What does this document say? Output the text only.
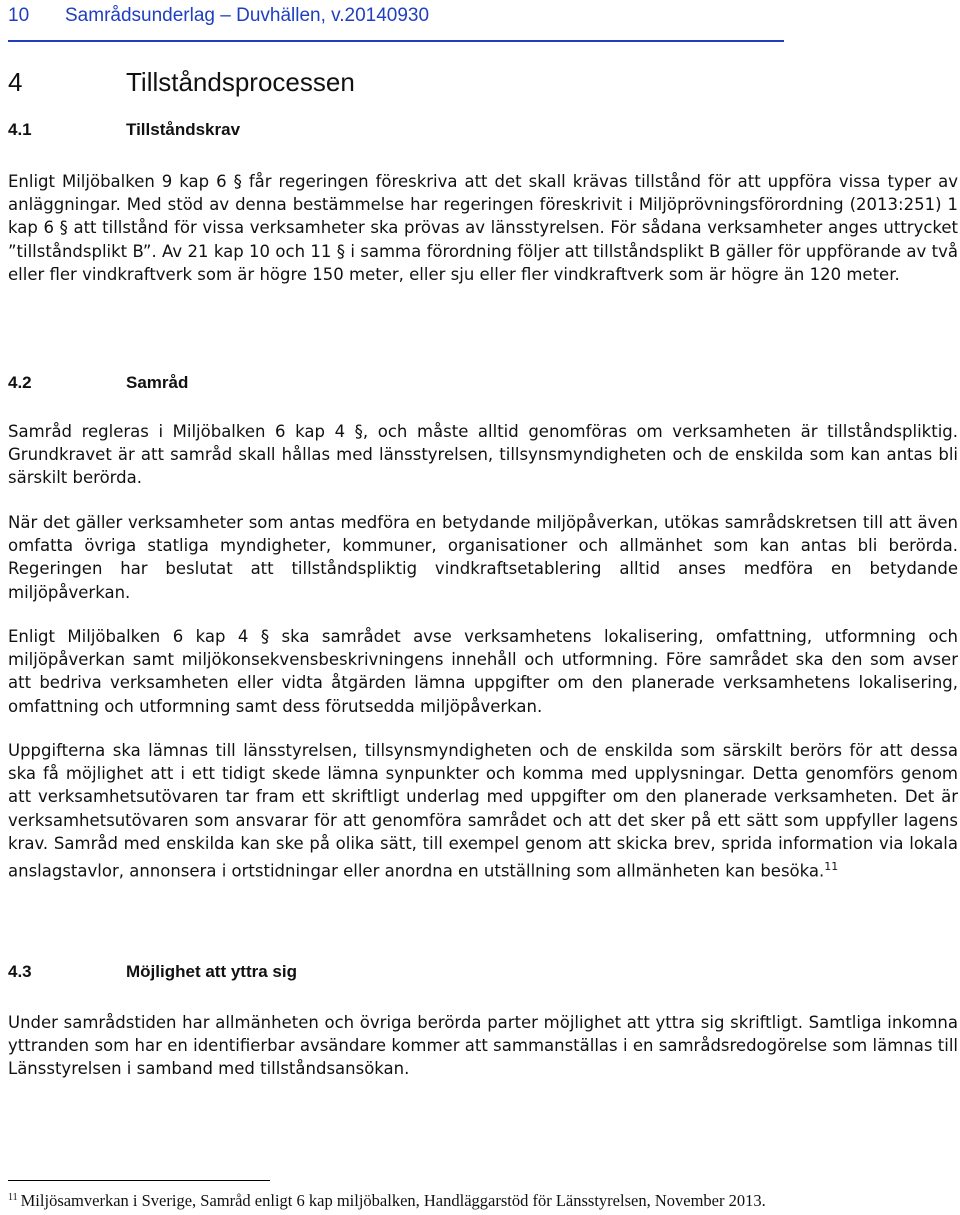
10 Samrådsunderlag – Duvhällen, v.20140930
4	Tillståndsprocessen
4.1	Tillståndskrav

Enligt Miljöbalken 9 kap 6 § får regeringen föreskriva att det skall krävas tillstånd för att uppföra vissa typer av anläggningar. Med stöd av denna bestämmelse har regeringen föreskrivit i Miljöprövningsförordning (2013:251) 1 kap 6 § att tillstånd för vissa verksamheter ska prövas av länsstyrelsen. För sådana verksamheter anges uttrycket ”tillståndsplikt B”. Av 21 kap 10 och 11 § i samma förordning följer att tillståndsplikt B gäller för uppförande av två eller fler vindkraftverk som är högre 150 meter, eller sju eller fler vindkraftverk som är högre än 120 meter.

4.2	Samråd

Samråd regleras i Miljöbalken 6 kap 4 §, och måste alltid genomföras om verksamheten är tillståndspliktig. Grundkravet är att samråd skall hållas med länsstyrelsen, tillsynsmyndigheten och de enskilda som kan antas bli särskilt berörda.

När det gäller verksamheter som antas medföra en betydande miljöpåverkan, utökas samrådskretsen till att även omfatta övriga statliga myndigheter, kommuner, organisationer och allmänhet som kan antas bli berörda. Regeringen har beslutat att tillståndspliktig vindkraftsetablering alltid anses medföra en betydande miljöpåverkan.

Enligt Miljöbalken 6 kap 4 § ska samrådet avse verksamhetens lokalisering, omfattning, utformning och miljöpåverkan samt miljökonsekvensbeskrivningens innehåll och utformning. Före samrådet ska den som avser att bedriva verksamheten eller vidta åtgärden lämna uppgifter om den planerade verksamhetens lokalisering, omfattning och utformning samt dess förutsedda miljöpåverkan.

Uppgifterna ska lämnas till länsstyrelsen, tillsynsmyndigheten och de enskilda som särskilt berörs för att dessa ska få möjlighet att i ett tidigt skede lämna synpunkter och komma med upplysningar. Detta genomförs genom att verksamhetsutövaren tar fram ett skriftligt underlag med uppgifter om den planerade verksamheten. Det är verksamhetsutövaren som ansvarar för att genomföra samrådet och att det sker på ett sätt som uppfyller lagens krav. Samråd med enskilda kan ske på olika sätt, till exempel genom att skicka brev, sprida information via lokala anslagstavlor, annonsera i ortstidningar eller anordna en utställning som allmänheten kan besöka.$^{11}$

4.3	Möjlighet att yttra sig

Under samrådstiden har allmänheten och övriga berörda parter möjlighet att yttra sig skriftligt. Samtliga inkomna yttranden som har en identifierbar avsändare kommer att sammanställas i en samrådsredogörelse som lämnas till Länsstyrelsen i samband med tillståndsansökan.

$^{11}$ Miljösamverkan i Sverige, Samråd enligt 6 kap miljöbalken, Handläggarstöd för Länsstyrelsen, November 2013.
